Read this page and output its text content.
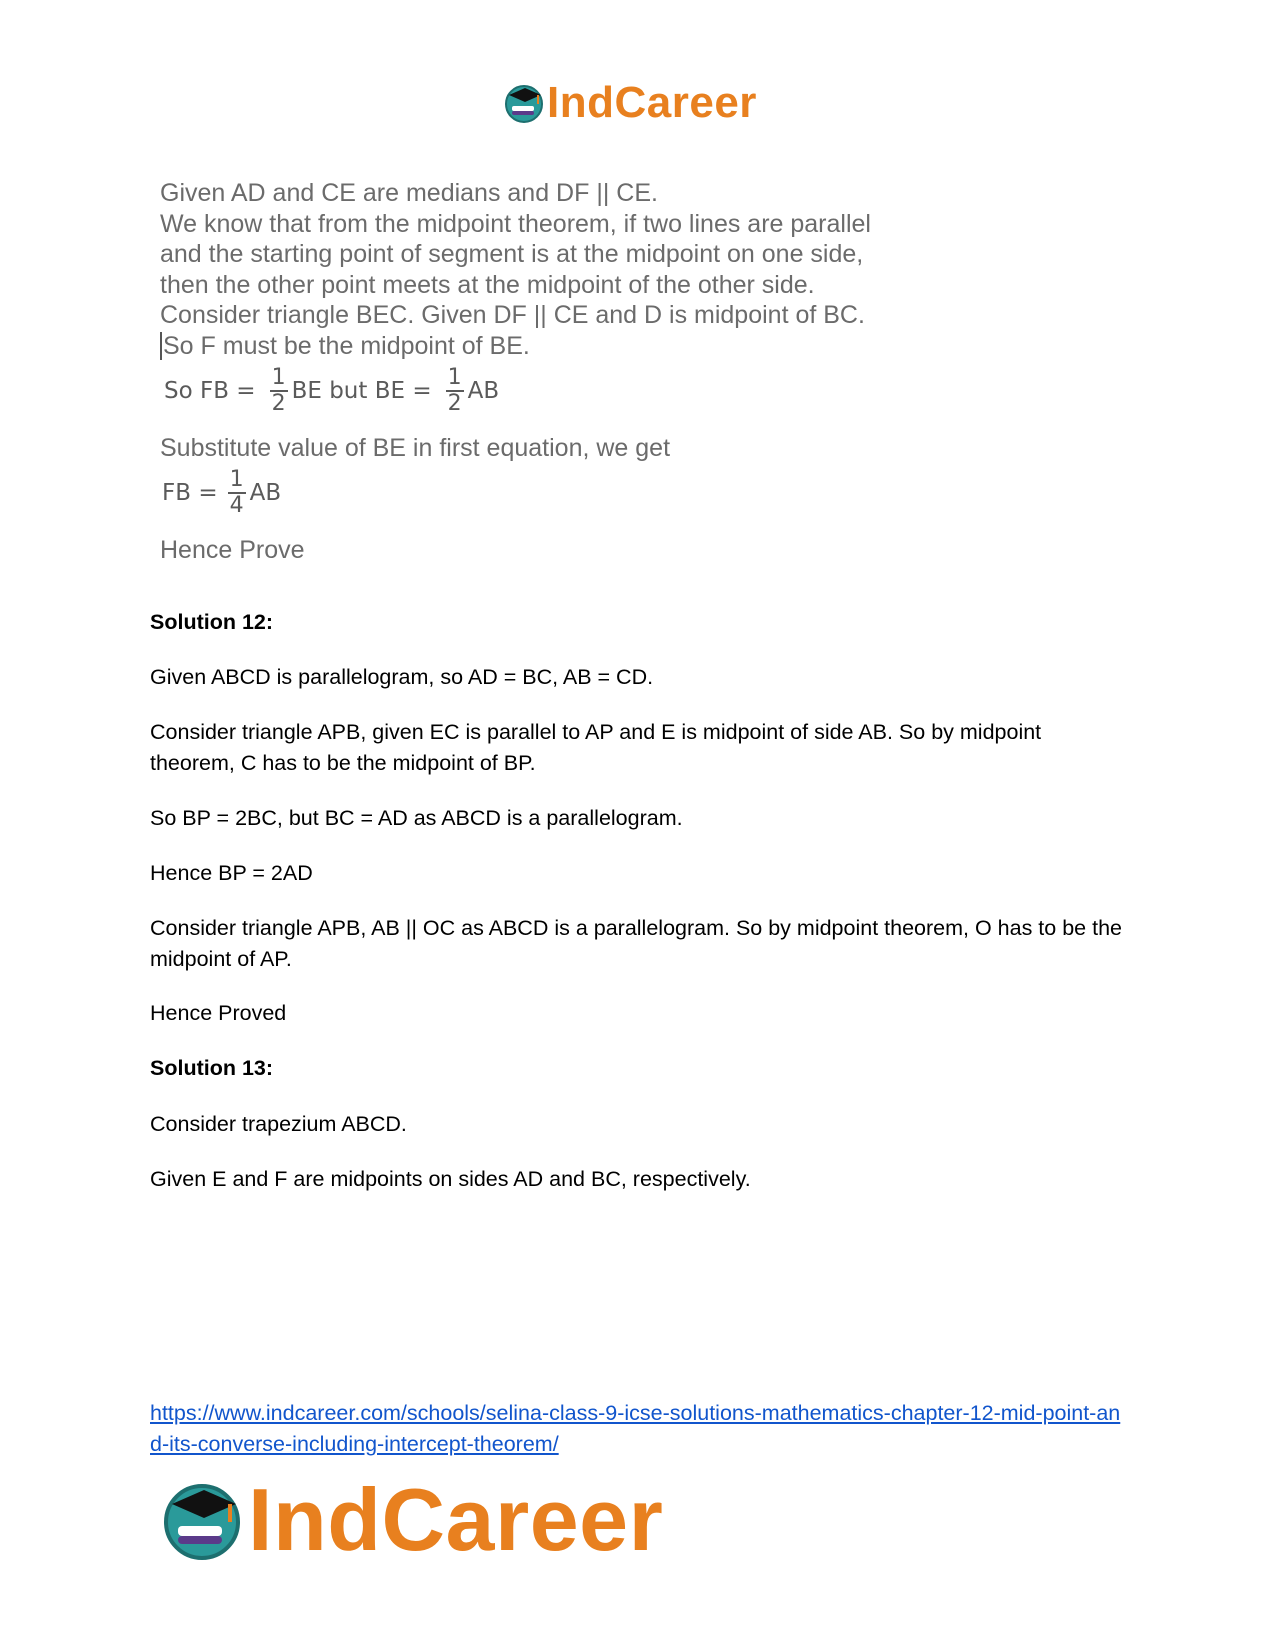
IndCareer

Given AD and CE are medians and DF || CE.

We know that from the midpoint theorem, if two lines are parallel

and the starting point of segment is at the midpoint on one side,

then the other point meets at the midpoint of the other side.

Consider triangle BEC. Given DF || CE and D is midpoint of BC.

So F must be the midpoint of BE.

So FB = $\frac{1}{2}$ BE but BE = $\frac{1}{2}$ AB

Substitute value of BE in first equation, we get

FB = $\frac{1}{4}$ AB

Hence Prove

Solution 12:
Given ABCD is parallelogram, so AD = BC, AB = CD.
Consider triangle APB, given EC is parallel to AP and E is midpoint of side AB. So by midpoint theorem, C has to be the midpoint of BP.
So BP = 2BC, but BC = AD as ABCD is a parallelogram.
Hence BP = 2AD
Consider triangle APB, AB || OC as ABCD is a parallelogram. So by midpoint theorem, O has to be the midpoint of AP.
Hence Proved
Solution 13:
Consider trapezium ABCD.
Given E and F are midpoints on sides AD and BC, respectively.
https://www.indcareer.com/schools/selina-class-9-icse-solutions-mathematics-chapter-12-mid-point-and-its-converse-including-intercept-theorem/
IndCareer
